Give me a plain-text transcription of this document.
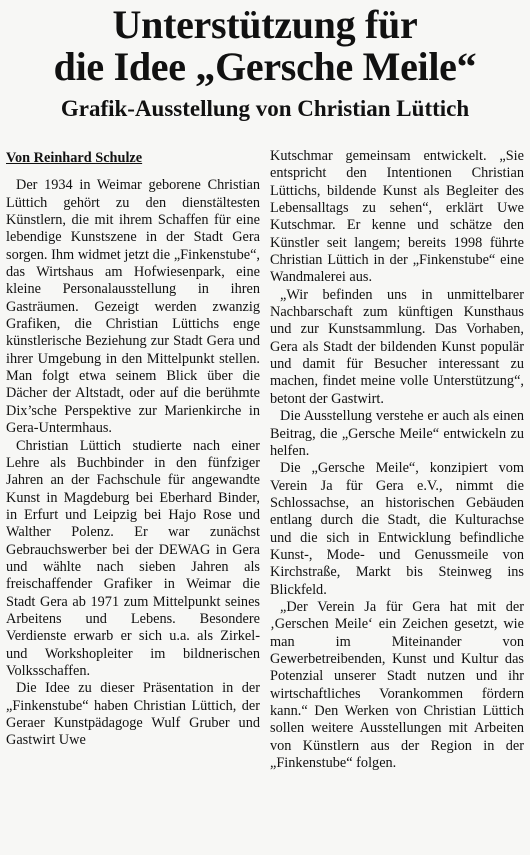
Unterstützung für
die Idee „Gersche Meile“
Grafik-Ausstellung von Christian Lüttich

Von Reinhard Schulze

Der 1934 in Weimar geborene Christian Lüttich gehört zu den dienstältesten Künstlern, die mit ihrem Schaffen für eine lebendige Kunstszene in der Stadt Gera sorgen. Ihm widmet jetzt die „Finkenstube“, das Wirtshaus am Hofwiesenpark, eine kleine Personalausstellung in ihren Gasträumen. Gezeigt werden zwanzig Grafiken, die Christian Lüttichs enge künstlerische Beziehung zur Stadt Gera und ihrer Umgebung in den Mittelpunkt stellen. Man folgt etwa seinem Blick über die Dächer der Altstadt, oder auf die berühmte Dix’sche Perspektive zur Marienkirche in Gera-Untermhaus.

Christian Lüttich studierte nach einer Lehre als Buchbinder in den fünfziger Jahren an der Fachschule für angewandte Kunst in Magdeburg bei Eberhard Binder, in Erfurt und Leipzig bei Hajo Rose und Walther Polenz. Er war zunächst Gebrauchswerber bei der DEWAG in Gera und wählte nach sieben Jahren als freischaffender Grafiker in Weimar die Stadt Gera ab 1971 zum Mittelpunkt seines Arbeitens und Lebens. Besondere Verdienste erwarb er sich u.a. als Zirkel- und Workshopleiter im bildnerischen Volksschaffen.

Die Idee zu dieser Präsentation in der „Finkenstube“ haben Christian Lüttich, der Geraer Kunstpädagoge Wulf Gruber und Gastwirt Uwe

Kutschmar gemeinsam entwickelt. „Sie entspricht den Intentionen Christian Lüttichs, bildende Kunst als Begleiter des Lebensalltags zu sehen“, erklärt Uwe Kutschmar. Er kenne und schätze den Künstler seit langem; bereits 1998 führte Christian Lüttich in der „Finkenstube“ eine Wandmalerei aus.

„Wir befinden uns in unmittelbarer Nachbarschaft zum künftigen Kunsthaus und zur Kunstsammlung. Das Vorhaben, Gera als Stadt der bildenden Kunst populär und damit für Besucher interessant zu machen, findet meine volle Unterstützung“, betont der Gastwirt.

Die Ausstellung verstehe er auch als einen Beitrag, die „Gersche Meile“ entwickeln zu helfen.

Die „Gersche Meile“, konzipiert vom Verein Ja für Gera e.V., nimmt die Schlossachse, an historischen Gebäuden entlang durch die Stadt, die Kulturachse und die sich in Entwicklung befindliche Kunst-, Mode- und Genussmeile von Kirchstraße, Markt bis Steinweg ins Blickfeld.

„Der Verein Ja für Gera hat mit der ‚Gerschen Meile‘ ein Zeichen gesetzt, wie man im Miteinander von Gewerbetreibenden, Kunst und Kultur das Potenzial unserer Stadt nutzen und ihr wirtschaftliches Vorankommen fördern kann.“ Den Werken von Christian Lüttich sollen weitere Ausstellungen mit Arbeiten von Künstlern aus der Region in der „Finkenstube“ folgen.
